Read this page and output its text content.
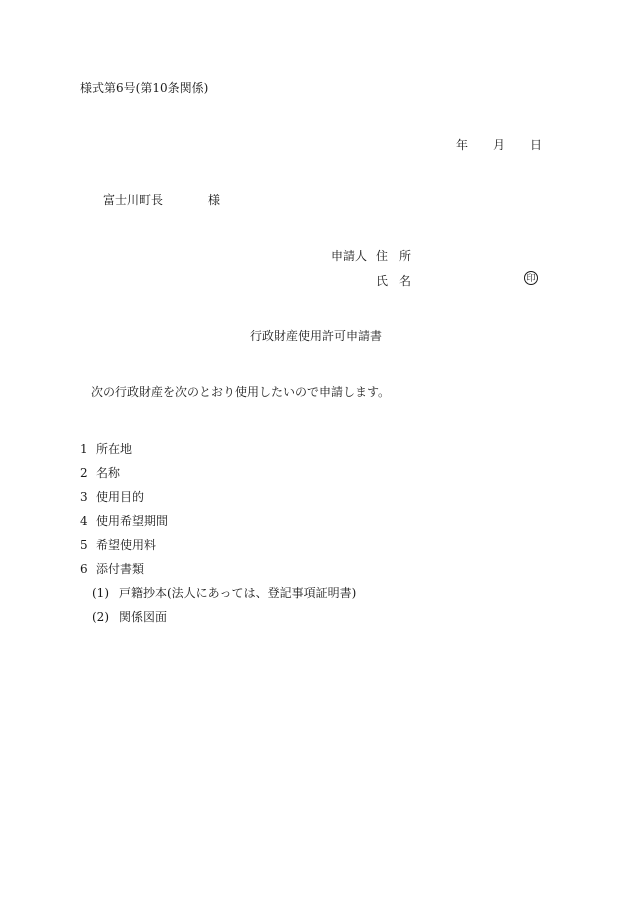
様式第6号(第10条関係)
年 月 日
富士川町長	様
申請人 住 所
氏 名	印
行政財産使用許可申請書
次の行政財産を次のとおり使用したいので申請します。
1 所在地
2 名称
3 使用目的
4 使用希望期間
5 希望使用料
6 添付書類
(1) 戸籍抄本(法人にあっては、登記事項証明書)
(2) 関係図面
